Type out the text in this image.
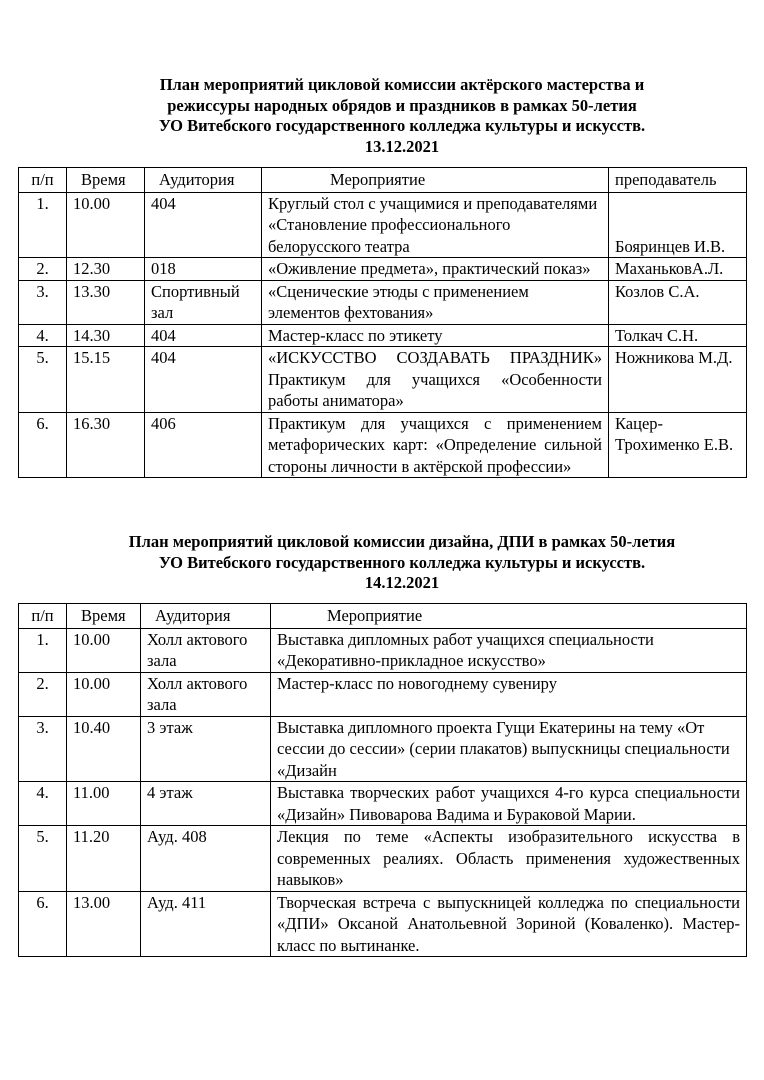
План мероприятий цикловой комиссии актёрского мастерства и
режиссуры народных обрядов и праздников в рамках 50-летия
УО Витебского государственного колледжа культуры и искусств.
13.12.2021
п/п	Время	Аудитория	Мероприятие	преподаватель
1.	10.00	404	Круглый стол с учащимися и преподавателями «Становление профессионального белорусского театра	Бояринцев И.В.
2.	12.30	018	«Оживление предмета», практический показ»	МаханьковА.Л.
3.	13.30	Спортивный зал	«Сценические этюды с применением элементов фехтования»	Козлов С.А.
4.	14.30	404	Мастер-класс по этикету	Толкач С.Н.
5.	15.15	404	«ИСКУССТВО СОЗДАВАТЬ ПРАЗДНИК» Практикум для учащихся «Особенности работы аниматора»	Ножникова М.Д.
6.	16.30	406	Практикум для учащихся с применением метафорических карт: «Определение сильной стороны личности в актёрской профессии»	Кацер-Трохименко Е.В.
План мероприятий цикловой комиссии дизайна, ДПИ в рамках 50-летия
УО Витебского государственного колледжа культуры и искусств.
14.12.2021
п/п	Время	Аудитория	Мероприятие
1.	10.00	Холл актового зала	Выставка дипломных работ учащихся специальности «Декоративно-прикладное искусство»
2.	10.00	Холл актового зала	Мастер-класс по новогоднему сувениру
3.	10.40	3 этаж	Выставка дипломного проекта Гущи Екатерины на тему «От сессии до сессии» (серии плакатов) выпускницы специальности «Дизайн
4.	11.00	4 этаж	Выставка творческих работ учащихся 4-го курса специальности «Дизайн» Пивоварова Вадима и Бураковой Марии.
5.	11.20	Ауд. 408	Лекция по теме «Аспекты изобразительного искусства в современных реалиях. Область применения художественных навыков»
6.	13.00	Ауд. 411	Творческая встреча с выпускницей колледжа по специальности «ДПИ» Оксаной Анатольевной Зориной (Коваленко). Мастер-класс по вытинанке.
